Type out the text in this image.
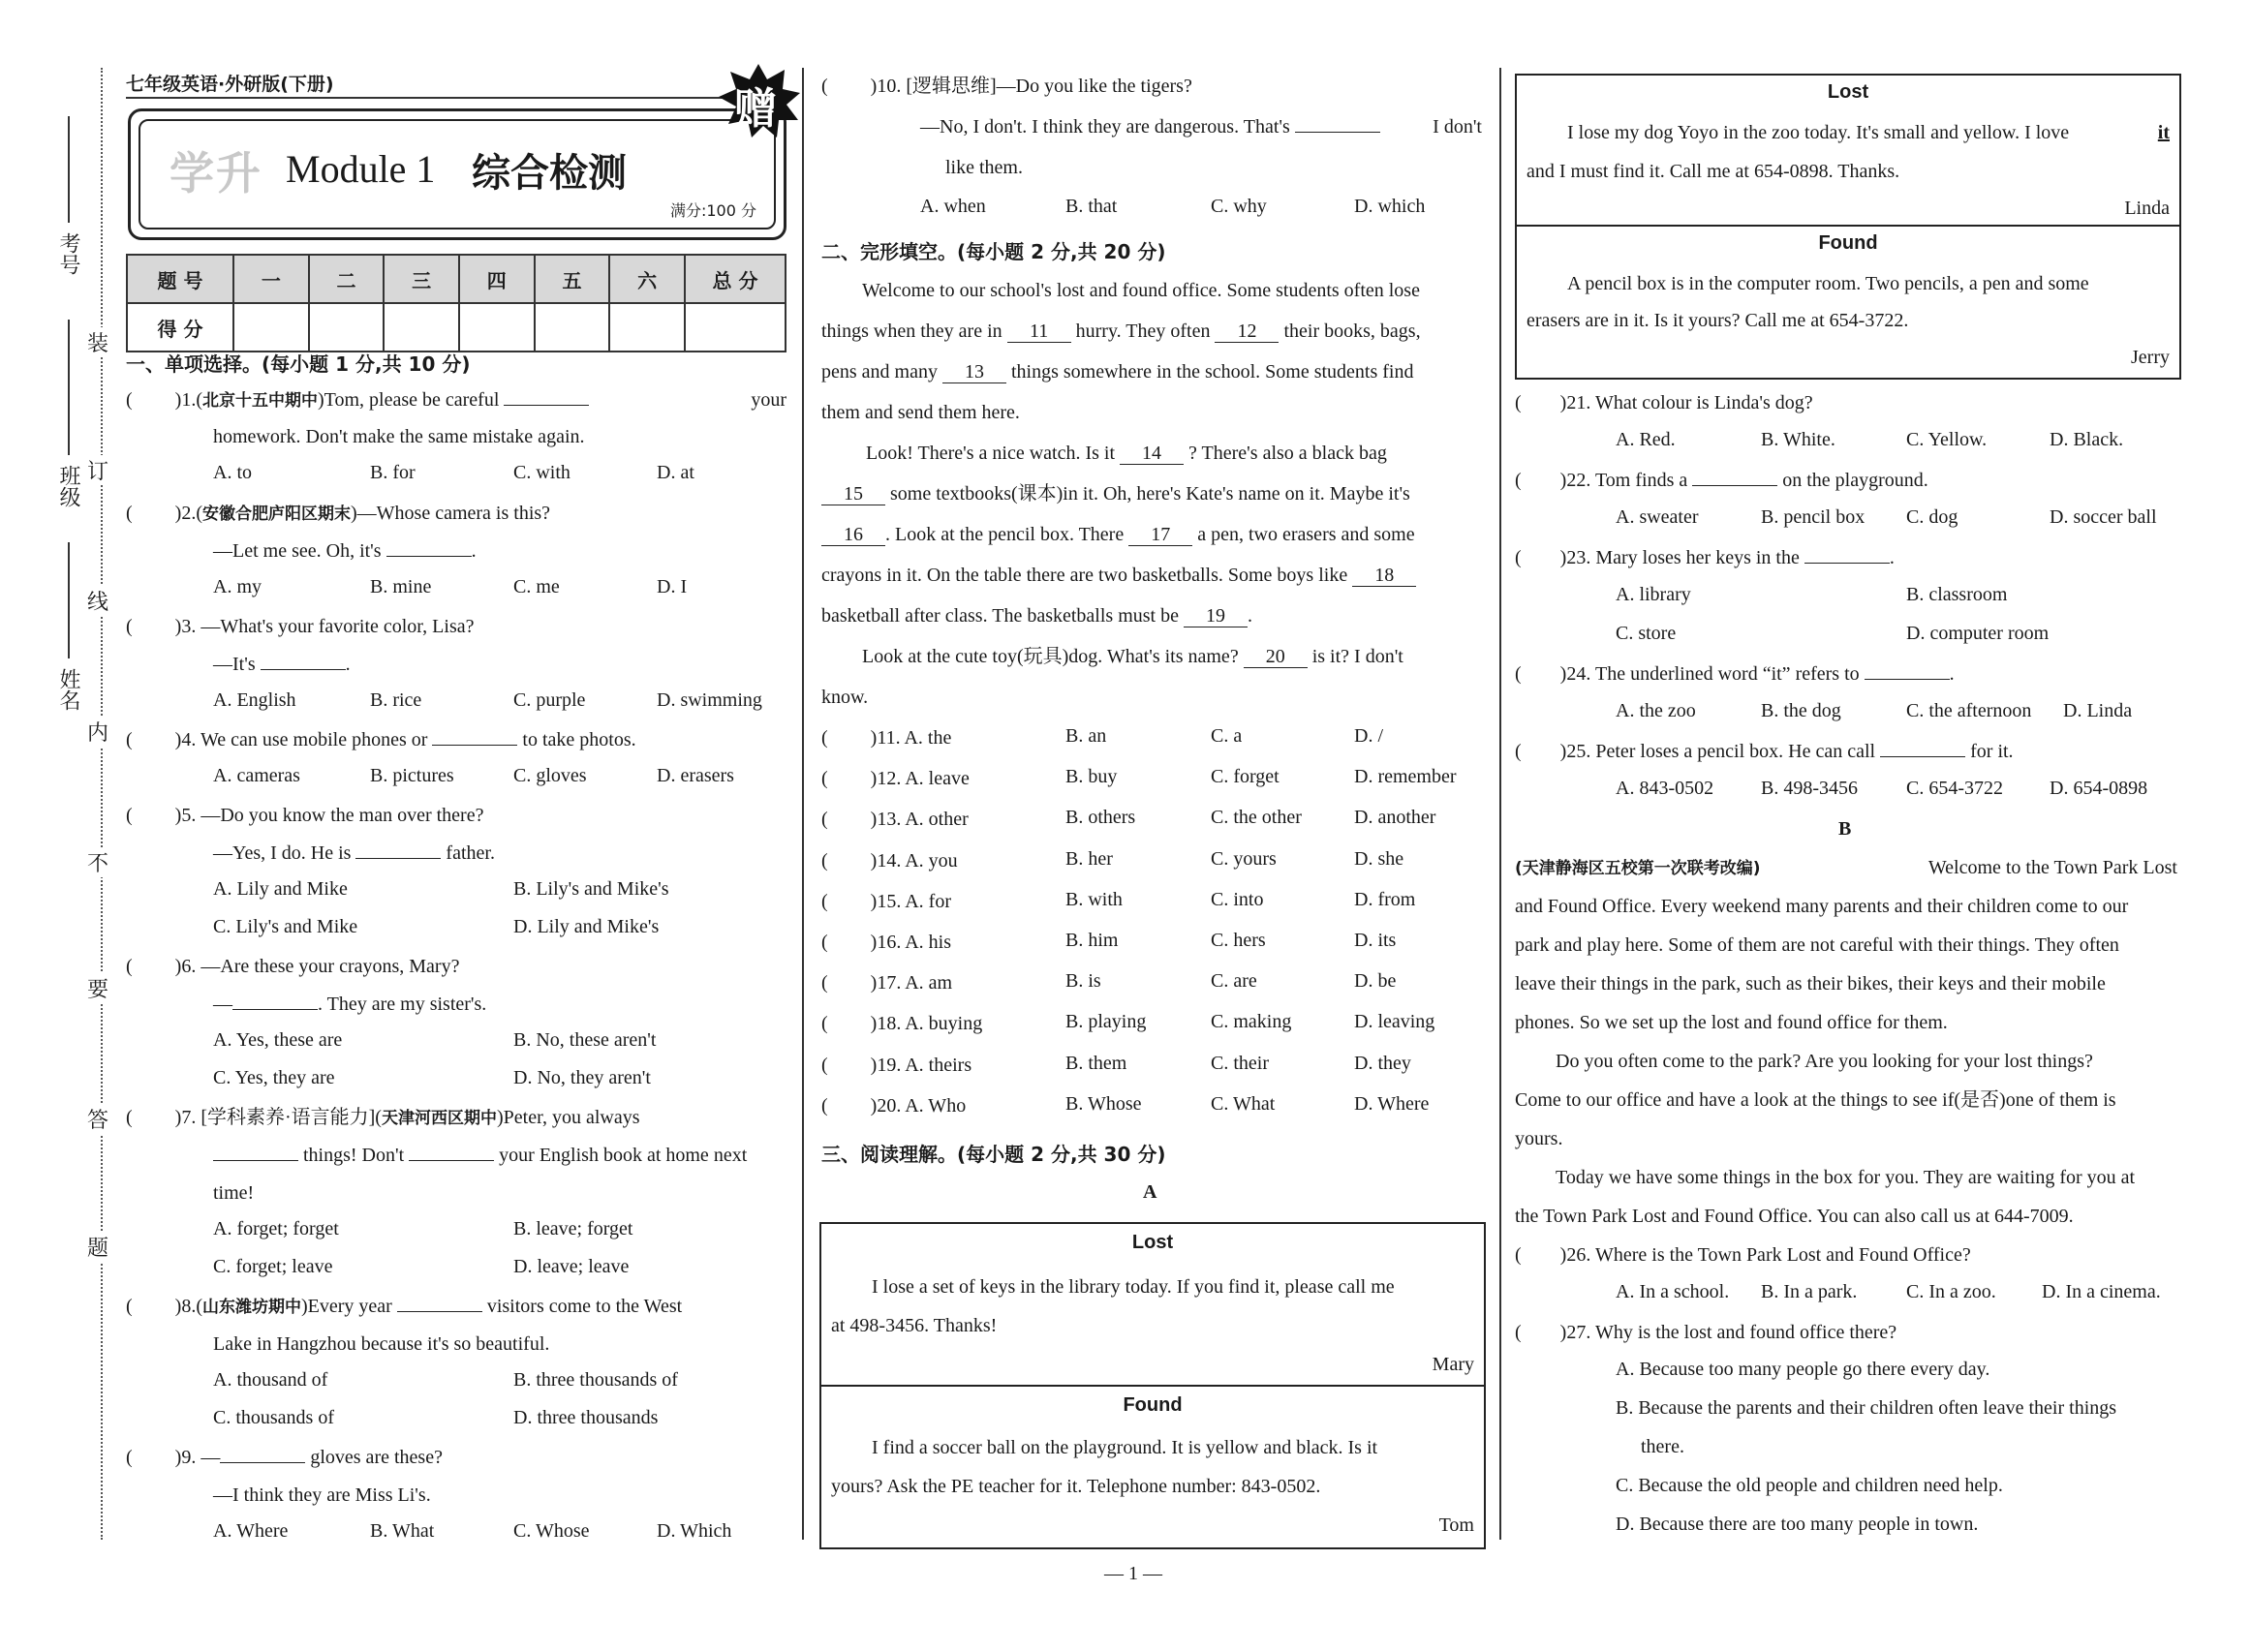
考号
班级
姓名
装
订
线
内
不
要
答
题
七年级英语·外研版(下册)
学升 Module 1 综合检测
满分:100 分
赠
题 号	一	二	三	四	五	六	总 分
得 分							
一、单项选择。(每小题 1 分,共 10 分)
( )1.(北京十五中期中)Tom, please be careful	your
homework. Don't make the same mistake again.
A. to	B. for	C. with	D. at
( )2.(安徽合肥庐阳区期末)—Whose camera is this?
—Let me see. Oh, it's	.
A. my	B. mine	C. me	D. I
( )3. —What's your favorite color, Lisa?
—It's	.
A. English	B. rice	C. purple	D. swimming
( )4. We can use mobile phones or	to take photos.
A. cameras	B. pictures	C. gloves	D. erasers
( )5. —Do you know the man over there?
—Yes, I do. He is	father.
A. Lily and Mike	B. Lily's and Mike's
C. Lily's and Mike	D. Lily and Mike's
( )6. —Are these your crayons, Mary?
—	. They are my sister's.
A. Yes, these are	B. No, these aren't
C. Yes, they are	D. No, they aren't
( )7. [学科素养·语言能力](天津河西区期中)Peter, you always
things! Don't	your English book at home next
time!
A. forget; forget	B. leave; forget
C. forget; leave	D. leave; leave
( )8.(山东潍坊期中)Every year	visitors come to the West
Lake in Hangzhou because it's so beautiful.
A. thousand of	B. three thousands of
C. thousands of	D. three thousands
( )9. —	gloves are these?
—I think they are Miss Li's.
A. Where	B. What	C. Whose	D. Which
( )10. [逻辑思维]—Do you like the tigers?
—No, I don't. I think they are dangerous. That's	I don't
like them.
A. when	B. that	C. why	D. which
二、完形填空。(每小题 2 分,共 20 分)
Welcome to our school's lost and found office. Some students often lose
things when they are in 11 hurry. They often 12 their books, bags,
pens and many 13 things somewhere in the school. Some students find
them and send them here.
Look! There's a nice watch. Is it 14 ? There's also a black bag
15 some textbooks(课本)in it. Oh, here's Kate's name on it. Maybe it's
16 . Look at the pencil box. There 17 a pen, two erasers and some
crayons in it. On the table there are two basketballs. Some boys like 18
basketball after class. The basketballs must be 19 .
Look at the cute toy(玩具)dog. What's its name? 20 is it? I don't
know.
( )11. A. the	B. an	C. a	D. /
( )12. A. leave	B. buy	C. forget	D. remember
( )13. A. other	B. others	C. the other	D. another
( )14. A. you	B. her	C. yours	D. she
( )15. A. for	B. with	C. into	D. from
( )16. A. his	B. him	C. hers	D. its
( )17. A. am	B. is	C. are	D. be
( )18. A. buying	B. playing	C. making	D. leaving
( )19. A. theirs	B. them	C. their	D. they
( )20. A. Who	B. Whose	C. What	D. Where
三、阅读理解。(每小题 2 分,共 30 分)
A
Lost
I lose a set of keys in the library today. If you find it, please call me
at 498-3456. Thanks!
Mary
Found
I find a soccer ball on the playground. It is yellow and black. Is it
yours? Ask the PE teacher for it. Telephone number: 843-0502.
Tom
Lost
I lose my dog Yoyo in the zoo today. It's small and yellow. I love	it
and I must find it. Call me at 654-0898. Thanks.
Linda
Found
A pencil box is in the computer room. Two pencils, a pen and some
erasers are in it. Is it yours? Call me at 654-3722.
Jerry
( )21. What colour is Linda's dog?
A. Red.	B. White.	C. Yellow.	D. Black.
( )22. Tom finds a	on the playground.
A. sweater	B. pencil box C. dog	D. soccer ball
( )23. Mary loses her keys in the	.
A. library	B. classroom
C. store	D. computer room
( )24. The underlined word “it” refers to	.
A. the zoo	B. the dog	C. the afternoon D. Linda
( )25. Peter loses a pencil box. He can call	for it.
A. 843-0502 B. 498-3456	C. 654-3722 D. 654-0898
B
(天津静海区五校第一次联考改编)	Welcome to the Town Park Lost
and Found Office. Every weekend many parents and their children come to our
park and play here. Some of them are not careful with their things. They often
leave their things in the park, such as their bikes, their keys and their mobile
phones. So we set up the lost and found office for them.
Do you often come to the park? Are you looking for your lost things?
Come to our office and have a look at the things to see if(是否)one of them is
yours.
Today we have some things in the box for you. They are waiting for you at
the Town Park Lost and Found Office. You can also call us at 644-7009.
( )26. Where is the Town Park Lost and Found Office?
A. In a school. B. In a park.	C. In a zoo. D. In a cinema.
( )27. Why is the lost and found office there?
A. Because too many people go there every day.
B. Because the parents and their children often leave their things
there.
C. Because the old people and children need help.
D. Because there are too many people in town.
— 1 —
